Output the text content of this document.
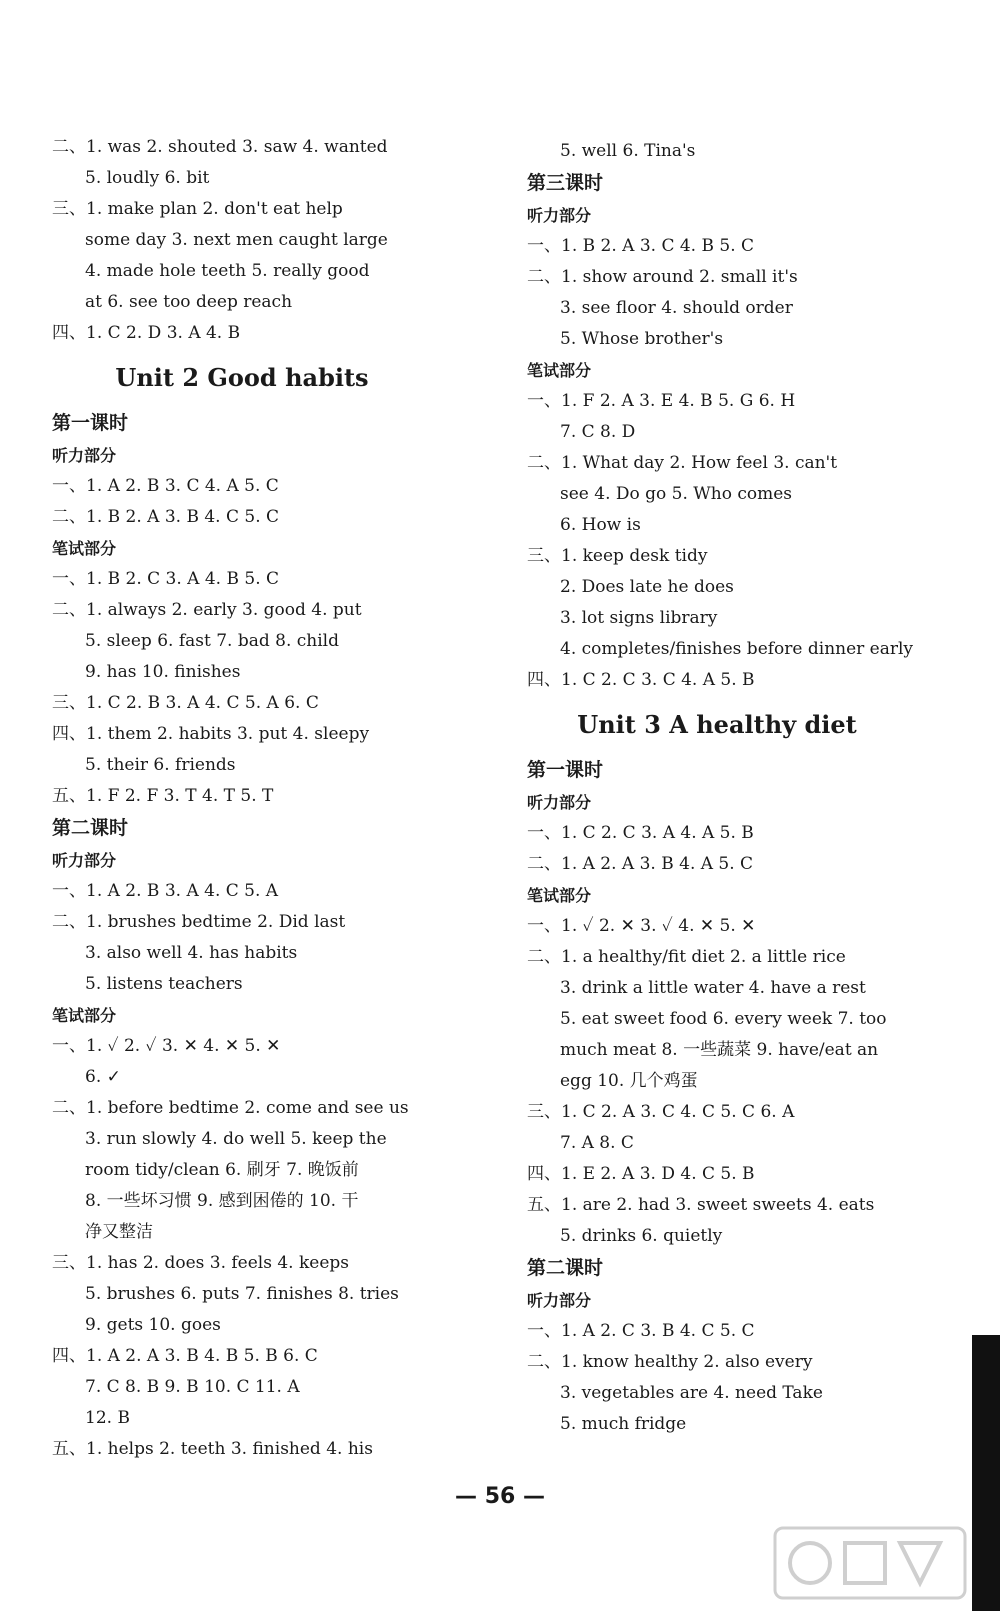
二、1. was 2. shouted 3. saw 4. wanted
5. loudly 6. bit
三、1. make plan 2. don't eat help
some day 3. next men caught large
4. made hole teeth 5. really good
at 6. see too deep reach
四、1. C 2. D 3. A 4. B
Unit 2 Good habits
第一课时
听力部分
一、1. A 2. B 3. C 4. A 5. C
二、1. B 2. A 3. B 4. C 5. C
笔试部分
一、1. B 2. C 3. A 4. B 5. C
二、1. always 2. early 3. good 4. put
5. sleep 6. fast 7. bad 8. child
9. has 10. finishes
三、1. C 2. B 3. A 4. C 5. A 6. C
四、1. them 2. habits 3. put 4. sleepy
5. their 6. friends
五、1. F 2. F 3. T 4. T 5. T
第二课时
听力部分
一、1. A 2. B 3. A 4. C 5. A
二、1. brushes bedtime 2. Did last
3. also well 4. has habits
5. listens teachers
笔试部分
一、1. ✓ 2. ✓ 3. ✕ 4. ✕ 5. ✕
6. ✓
二、1. before bedtime 2. come and see us
3. run slowly 4. do well 5. keep the
room tidy/clean 6. 刷牙 7. 晚饭前
8. 一些坏习惯 9. 感到困倦的 10. 干
净又整洁
三、1. has 2. does 3. feels 4. keeps
5. brushes 6. puts 7. finishes 8. tries
9. gets 10. goes
四、1. A 2. A 3. B 4. B 5. B 6. C
7. C 8. B 9. B 10. C 11. A
12. B
五、1. helps 2. teeth 3. finished 4. his
5. well 6. Tina's
第三课时
听力部分
一、1. B 2. A 3. C 4. B 5. C
二、1. show around 2. small it's
3. see floor 4. should order
5. Whose brother's
笔试部分
一、1. F 2. A 3. E 4. B 5. G 6. H
7. C 8. D
二、1. What day 2. How feel 3. can't
see 4. Do go 5. Who comes
6. How is
三、1. keep desk tidy
2. Does late he does
3. lot signs library
4. completes/finishes before dinner early
四、1. C 2. C 3. C 4. A 5. B
Unit 3 A healthy diet
第一课时
听力部分
一、1. C 2. C 3. A 4. A 5. B
二、1. A 2. A 3. B 4. A 5. C
笔试部分
一、1. ✓ 2. ✕ 3. ✓ 4. ✕ 5. ✕
二、1. a healthy/fit diet 2. a little rice
3. drink a little water 4. have a rest
5. eat sweet food 6. every week 7. too
much meat 8. 一些蔬菜 9. have/eat an
egg 10. 几个鸡蛋
三、1. C 2. A 3. C 4. C 5. C 6. A
7. A 8. C
四、1. E 2. A 3. D 4. C 5. B
五、1. are 2. had 3. sweet sweets 4. eats
5. drinks 6. quietly
第二课时
听力部分
一、1. A 2. C 3. B 4. C 5. C
二、1. know healthy 2. also every
3. vegetables are 4. need Take
5. much fridge
— 56 —
